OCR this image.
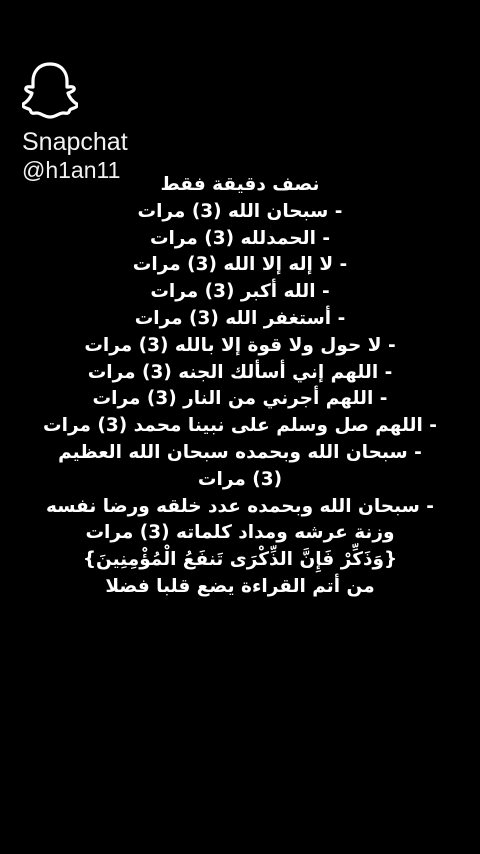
Snapchat
@h1an11
نصف دقيقة فقط
- سبحان الله (3) مرات
- الحمدلله (3) مرات
- لا إله إلا الله (3) مرات
- الله أكبر (3) مرات
- أستغفر الله (3) مرات
- لا حول ولا قوة إلا بالله (3) مرات
- اللهم إني أسألك الجنه (3) مرات
- اللهم أجرني من النار (3) مرات
- اللهم صل وسلم على نبينا محمد (3) مرات
- سبحان الله وبحمده سبحان الله العظيم
(3) مرات
- سبحان الله وبحمده عدد خلقه ورضا نفسه
وزنة عرشه ومداد كلماته (3) مرات
{وَذَكِّرْ فَإِنَّ الذِّكْرَى تَنفَعُ الْمُؤْمِنِينَ}
من أتم القراءة يضع قلبا فضلا
